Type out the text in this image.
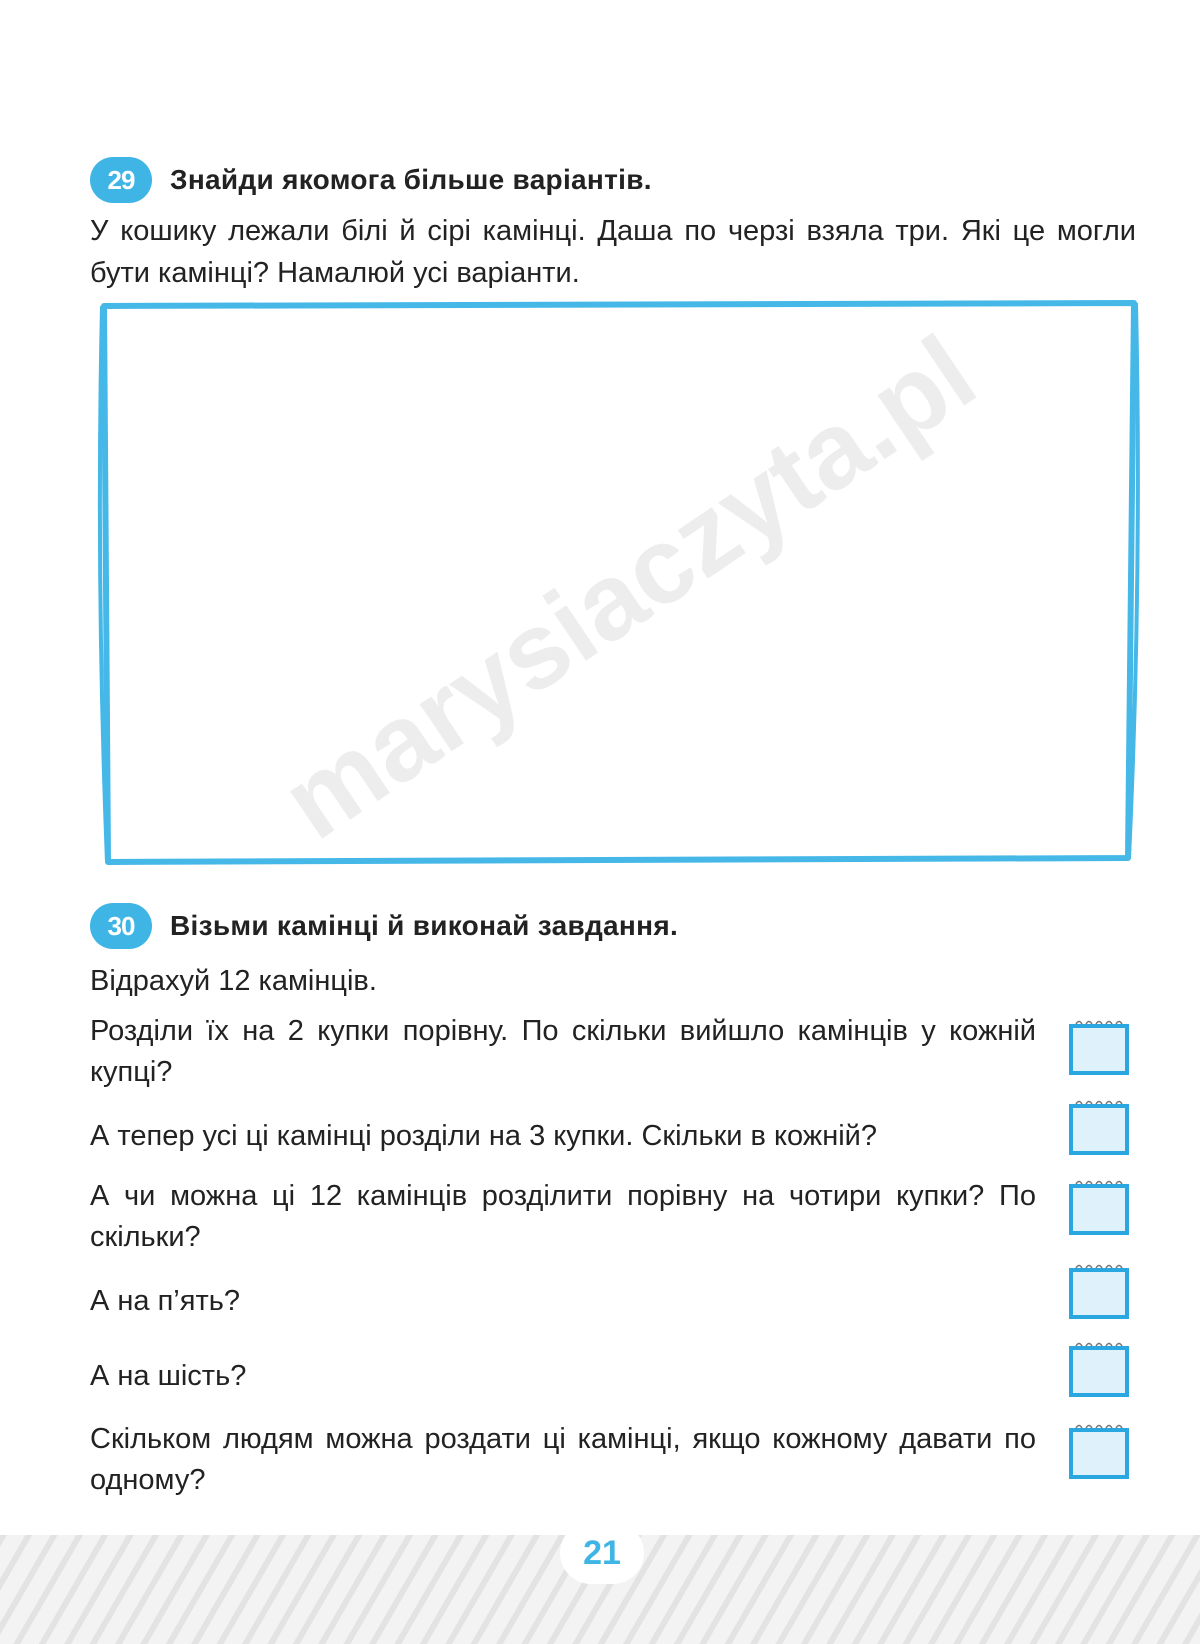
29 Знайди якомога більше варіантів.
У кошику лежали білі й сірі камінці. Даша по черзі взяла три. Які це могли бути камінці? Намалюй усі варіанти.
30 Візьми камінці й виконай завдання.
Відрахуй 12 камінців.
Розділи їх на 2 купки порівну. По скільки вийшло камінців у кожній купці?
А тепер усі ці камінці розділи на 3 купки. Скільки в кожній?
А чи можна ці 12 камінців розділити порівну на чотири купки? По скільки?
А на п’ять?
А на шість?
Скільком людям можна роздати ці камінці, якщо кожному давати по одному?
marysiaczyta.pl
21
